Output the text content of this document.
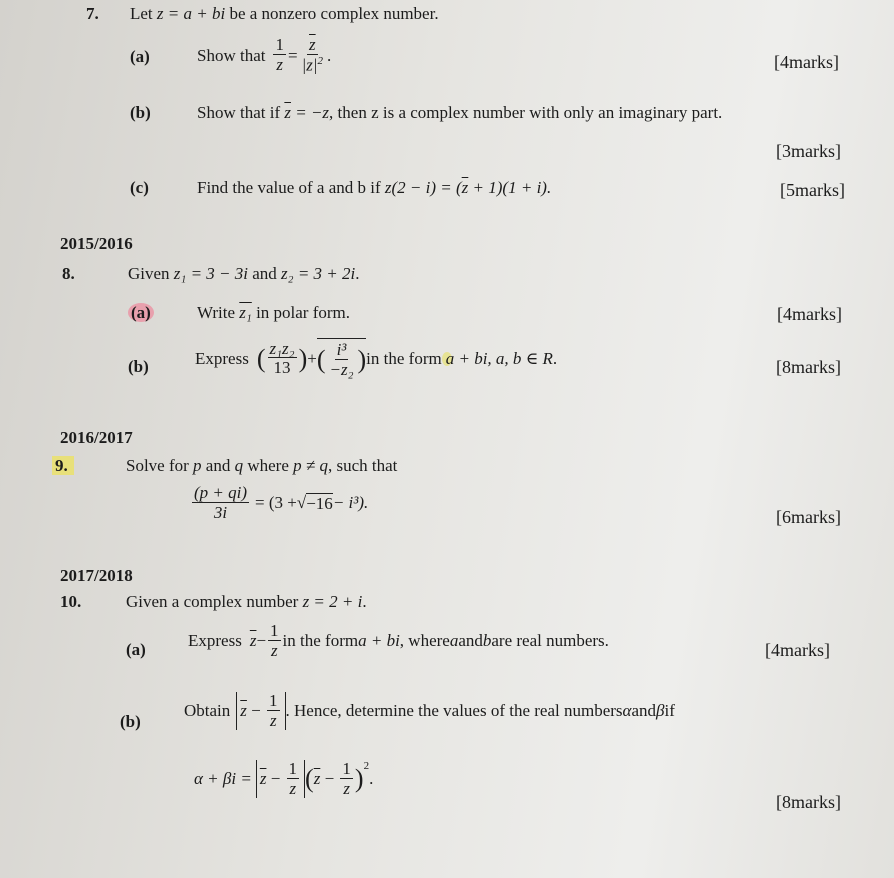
7. Let z = a + bi be a nonzero complex number.
(a)	Show that $\frac{1}{z} = \frac{\overline{z}}{|z|^2}$ .	[4marks]
(b)	Show that if $\overline{z} = -z$, then z is a complex number with only an imaginary part.
[3marks]
(c)	Find the value of a and b if $z(2 - i) = (\overline{z} + 1)(1 + i)$.	[5marks]
2015/2016
8.	Given z₁ = 3 − 3i and z₂ = 3 + 2i.
(a)	Write z₁ in polar form.	[4marks]
(b)	Express ( $\frac{\text{z₁z₂}}{13}$ ) + ( $\frac{\text{i³}}{\text{−z₂}}$ ) in the form a + bi, a, b ∈ R .	[8marks]
2016/2017
9.	Solve for p and q where p ≠ q, such that
$\frac{(p + qi)}{3i} = (3$ + √ −16 − i³).
[6marks]
2017/2018
10.	Given a complex number z = 2 + i.
(a) Express $\overline{z} - \frac{1}{z}$ in the form a + bi , where a and b are real numbers.	[4marks]
(b)
Obtain $\overline{z} - \frac{1}{z}$ . Hence, determine the values of the real numbers α and β if
$\alpha + \beta i = \overline{z} - \frac{1}{z}$ ( $\overline{z} - \frac{1}{z} )^2$
.
[8marks]
